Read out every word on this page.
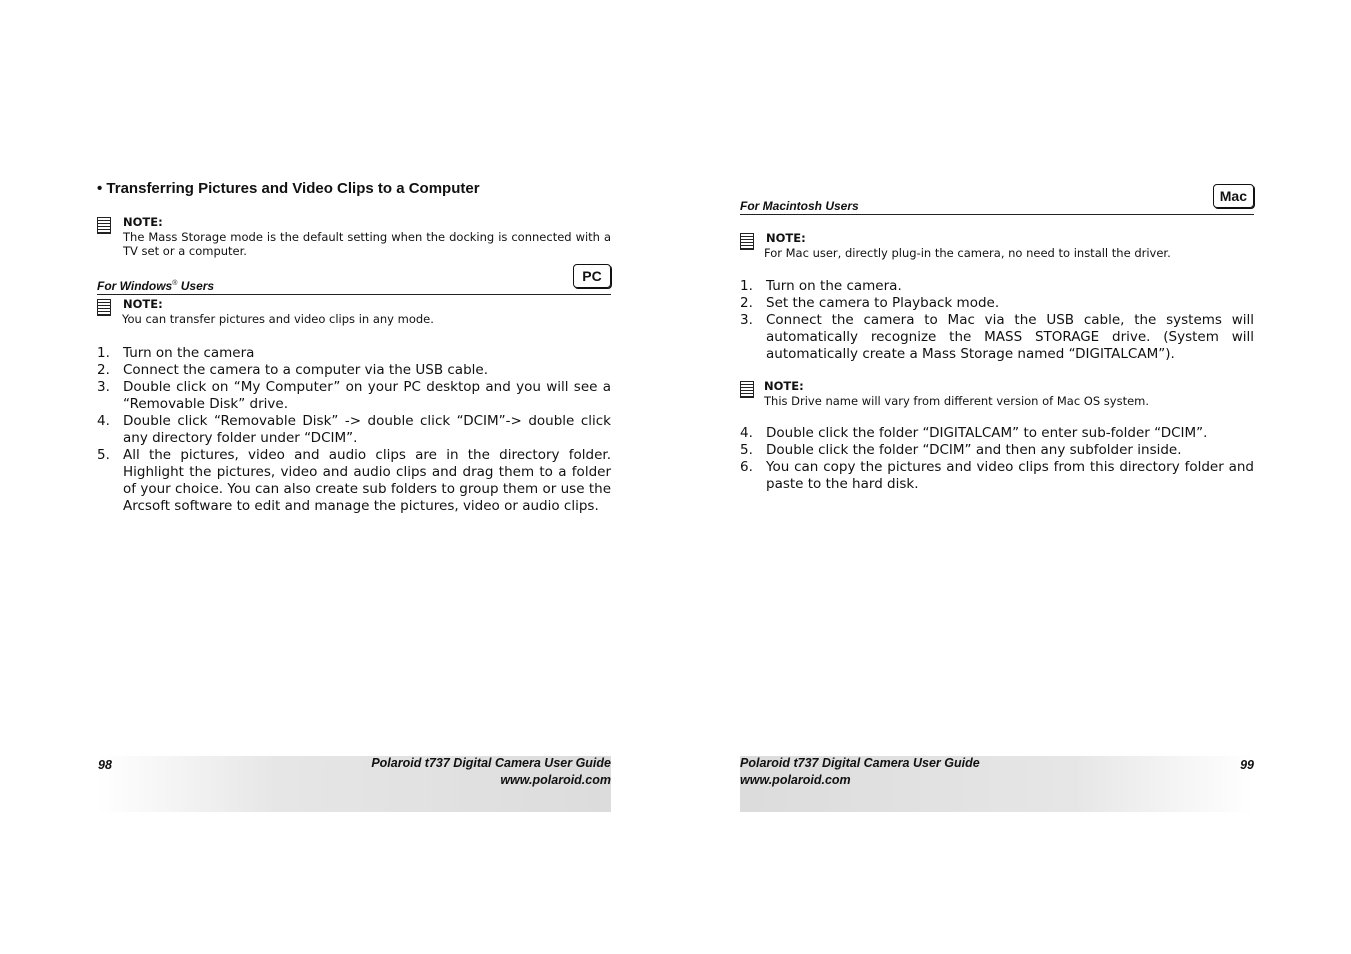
• Transferring Pictures and Video Clips to a Computer
NOTE:
The Mass Storage mode is the default setting when the docking is connected with a TV set or a computer.
For Windows® Users
PC
NOTE:
You can transfer pictures and video clips in any mode.
1. Turn on the camera
2. Connect the camera to a computer via the USB cable.
3. Double click on “My Computer” on your PC desktop and you will see a “Removable Disk” drive.
4. Double click “Removable Disk” -> double click “DCIM”-> double click any directory folder under “DCIM”.
5. All the pictures, video and audio clips are in the directory folder. Highlight the pictures, video and audio clips and drag them to a folder of your choice. You can also create sub folders to group them or use the Arcsoft software to edit and manage the pictures, video or audio clips.
98	Polaroid t737 Digital Camera User Guide
www.polaroid.com
For Macintosh Users
Mac
NOTE:
For Mac user, directly plug-in the camera, no need to install the driver.
1. Turn on the camera.
2. Set the camera to Playback mode.
3. Connect the camera to Mac via the USB cable, the systems will automatically recognize the MASS STORAGE drive. (System will automatically create a Mass Storage named “DIGITALCAM”).
NOTE:
This Drive name will vary from different version of Mac OS system.
4. Double click the folder “DIGITALCAM” to enter sub-folder “DCIM”.
5. Double click the folder “DCIM” and then any subfolder inside.
6. You can copy the pictures and video clips from this directory folder and paste to the hard disk.
Polaroid t737 Digital Camera User Guide
www.polaroid.com
99
